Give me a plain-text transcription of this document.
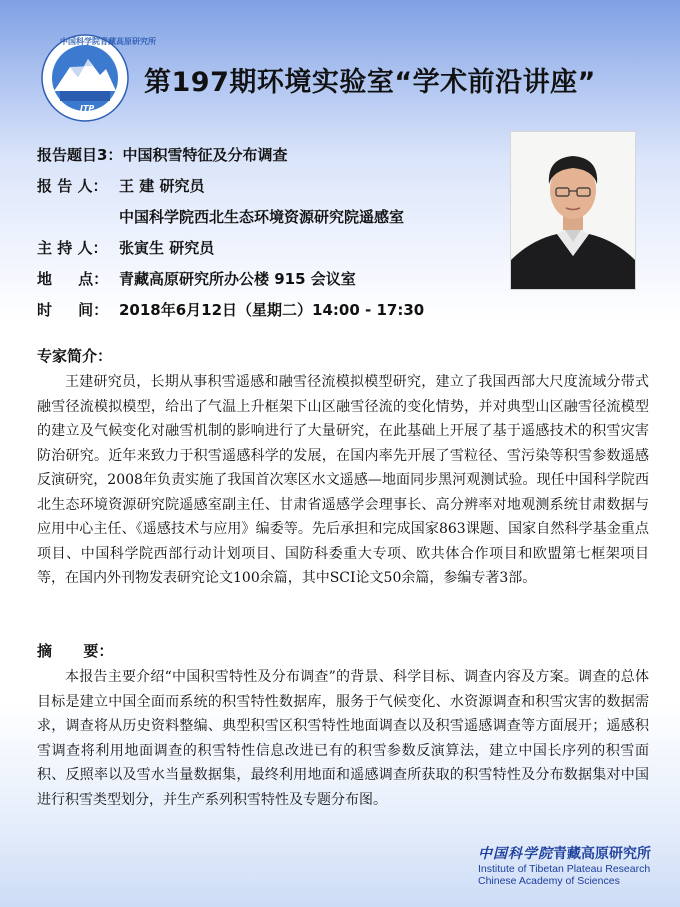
中国科学院青藏高原研究所
ITP
第197期环境实验室“学术前沿讲座”
报告题目3：中国积雪特征及分布调查
报 告 人： 王 建 研究员
中国科学院西北生态环境资源研究院遥感室
主 持 人： 张寅生 研究员
地     点： 青藏高原研究所办公楼 915 会议室
时     间： 2018年6月12日（星期二）14:00 - 17:30
专家简介：

王建研究员，长期从事积雪遥感和融雪径流模拟模型研究，建立了我国西部大尺度流域分带式融雪径流模拟模型，给出了气温上升框架下山区融雪径流的变化情势，并对典型山区融雪径流模型的建立及气候变化对融雪机制的影响进行了大量研究，在此基础上开展了基于遥感技术的积雪灾害防治研究。近年来致力于积雪遥感科学的发展，在国内率先开展了雪粒径、雪污染等积雪参数遥感反演研究，2008年负责实施了我国首次寒区水文遥感—地面同步黑河观测试验。现任中国科学院西北生态环境资源研究院遥感室副主任、甘肃省遥感学会理事长、高分辨率对地观测系统甘肃数据与应用中心主任、《遥感技术与应用》编委等。先后承担和完成国家863课题、国家自然科学基金重点项目、中国科学院西部行动计划项目、国防科委重大专项、欧共体合作项目和欧盟第七框架项目等，在国内外刊物发表研究论文100余篇，其中SCI论文50余篇，参编专著3部。

摘      要：

本报告主要介绍“中国积雪特性及分布调查”的背景、科学目标、调查内容及方案。调查的总体目标是建立中国全面而系统的积雪特性数据库，服务于气候变化、水资源调查和积雪灾害的数据需求，调查将从历史资料整编、典型积雪区积雪特性地面调查以及积雪遥感调查等方面展开；遥感积雪调查将利用地面调查的积雪特性信息改进已有的积雪参数反演算法，建立中国长序列的积雪面积、反照率以及雪水当量数据集，最终利用地面和遥感调查所获取的积雪特性及分布数据集对中国进行积雪类型划分，并生产系列积雪特性及专题分布图。

中国科学院青藏高原研究所
Institute of Tibetan Plateau Research
Chinese Academy of Sciences
